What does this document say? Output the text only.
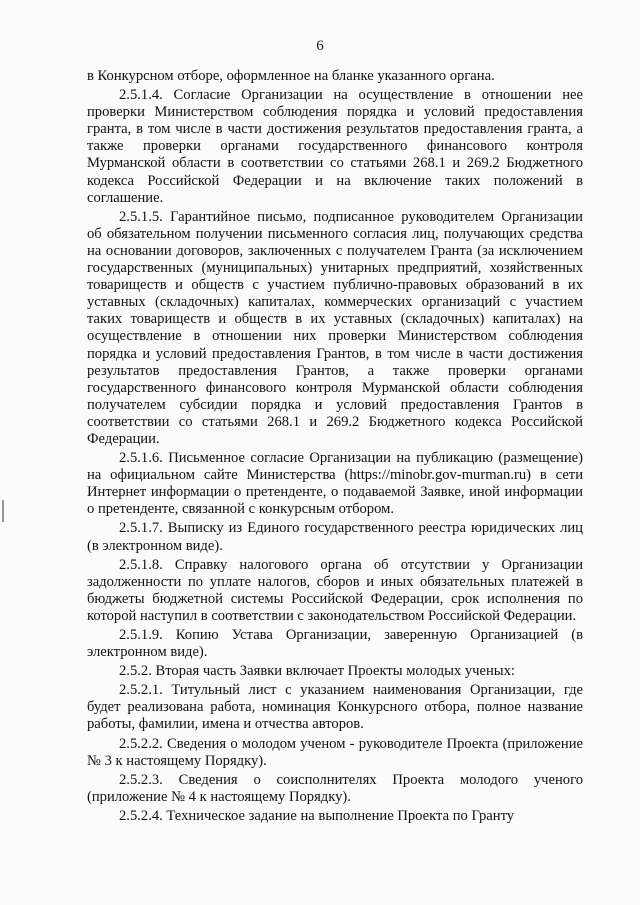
6

в Конкурсном отборе, оформленное на бланке указанного органа.

2.5.1.4. Согласие Организации на осуществление в отношении нее проверки Министерством соблюдения порядка и условий предоставления гранта, в том числе в части достижения результатов предоставления гранта, а также проверки органами государственного финансового контроля Мурманской области в соответствии со статьями 268.1 и 269.2 Бюджетного кодекса Российской Федерации и на включение таких положений в соглашение.

2.5.1.5. Гарантийное письмо, подписанное руководителем Организации об обязательном получении письменного согласия лиц, получающих средства на основании договоров, заключенных с получателем Гранта (за исключением государственных (муниципальных) унитарных предприятий, хозяйственных товариществ и обществ с участием публично-правовых образований в их уставных (складочных) капиталах, коммерческих организаций с участием таких товариществ и обществ в их уставных (складочных) капиталах) на осуществление в отношении них проверки Министерством соблюдения порядка и условий предоставления Грантов, в том числе в части достижения результатов предоставления Грантов, а также проверки органами государственного финансового контроля Мурманской области соблюдения получателем субсидии порядка и условий предоставления Грантов в соответствии со статьями 268.1 и 269.2 Бюджетного кодекса Российской Федерации.

2.5.1.6. Письменное согласие Организации на публикацию (размещение) на официальном сайте Министерства (https://minobr.gov-murman.ru) в сети Интернет информации о претенденте, о подаваемой Заявке, иной информации о претенденте, связанной с конкурсным отбором.

2.5.1.7. Выписку из Единого государственного реестра юридических лиц (в электронном виде).

2.5.1.8. Справку налогового органа об отсутствии у Организации задолженности по уплате налогов, сборов и иных обязательных платежей в бюджеты бюджетной системы Российской Федерации, срок исполнения по которой наступил в соответствии с законодательством Российской Федерации.

2.5.1.9. Копию Устава Организации, заверенную Организацией (в электронном виде).

2.5.2. Вторая часть Заявки включает Проекты молодых ученых:

2.5.2.1. Титульный лист с указанием наименования Организации, где будет реализована работа, номинация Конкурсного отбора, полное название работы, фамилии, имена и отчества авторов.

2.5.2.2. Сведения о молодом ученом - руководителе Проекта (приложение № 3 к настоящему Порядку).

2.5.2.3. Сведения о соисполнителях Проекта молодого ученого (приложение № 4 к настоящему Порядку).

2.5.2.4. Техническое задание на выполнение Проекта по Гранту
